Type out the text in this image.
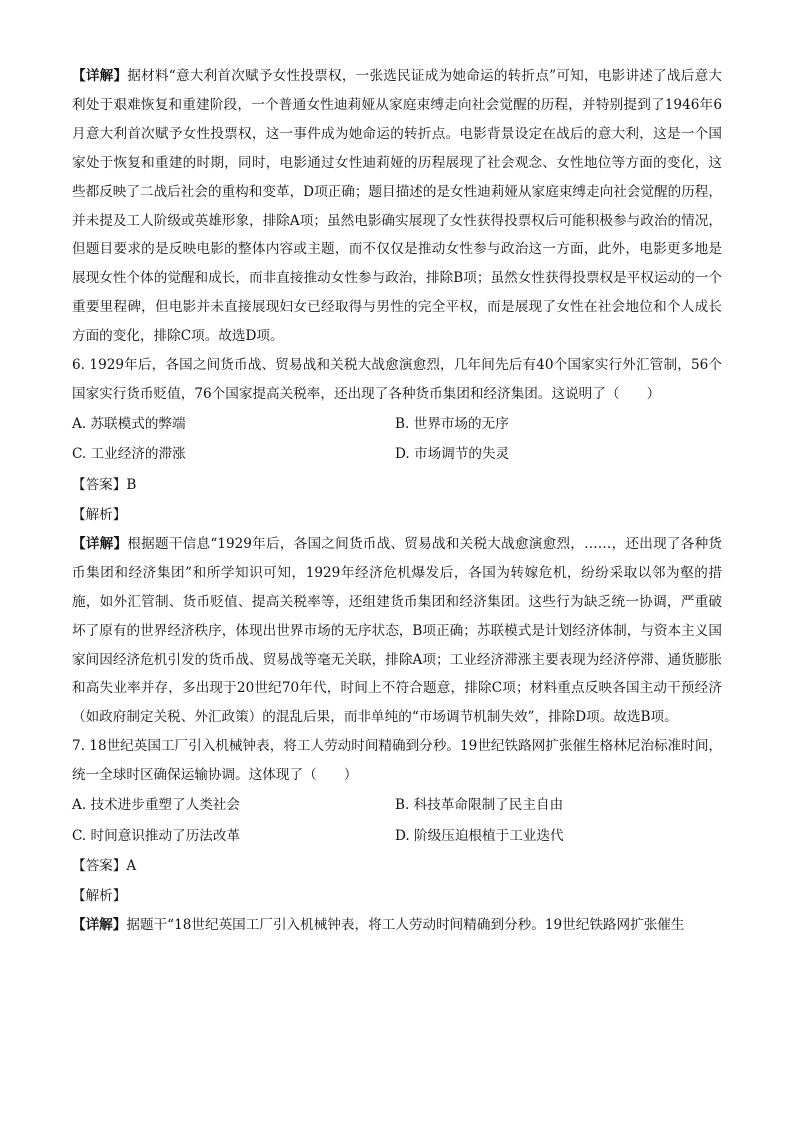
【详解】据材料“意大利首次赋予女性投票权，一张选民证成为她命运的转折点”可知，电影讲述了战后意大利处于艰难恢复和重建阶段，一个普通女性迪莉娅从家庭束缚走向社会觉醒的历程，并特别提到了1946年6月意大利首次赋予女性投票权，这一事件成为她命运的转折点。电影背景设定在战后的意大利，这是一个国家处于恢复和重建的时期，同时，电影通过女性迪莉娅的历程展现了社会观念、女性地位等方面的变化，这些都反映了二战后社会的重构和变革，D项正确；题目描述的是女性迪莉娅从家庭束缚走向社会觉醒的历程，并未提及工人阶级或英雄形象，排除A项；虽然电影确实展现了女性获得投票权后可能积极参与政治的情况，但题目要求的是反映电影的整体内容或主题，而不仅仅是推动女性参与政治这一方面，此外，电影更多地是展现女性个体的觉醒和成长，而非直接推动女性参与政治，排除B项；虽然女性获得投票权是平权运动的一个重要里程碑，但电影并未直接展现妇女已经取得与男性的完全平权，而是展现了女性在社会地位和个人成长方面的变化，排除C项。故选D项。

6. 1929年后，各国之间货币战、贸易战和关税大战愈演愈烈，几年间先后有40个国家实行外汇管制，56个国家实行货币贬值，76个国家提高关税率，还出现了各种货币集团和经济集团。这说明了（　　）

A. 苏联模式的弊端	B. 世界市场的无序
C. 工业经济的滞涨	D. 市场调节的失灵

【答案】B

【解析】

【详解】根据题干信息“1929年后，各国之间货币战、贸易战和关税大战愈演愈烈，……，还出现了各种货币集团和经济集团”和所学知识可知，1929年经济危机爆发后，各国为转嫁危机，纷纷采取以邻为壑的措施，如外汇管制、货币贬值、提高关税率等，还组建货币集团和经济集团。这些行为缺乏统一协调，严重破坏了原有的世界经济秩序，体现出世界市场的无序状态，B项正确；苏联模式是计划经济体制，与资本主义国家间因经济危机引发的货币战、贸易战等毫无关联，排除A项；工业经济滞涨主要表现为经济停滞、通货膨胀和高失业率并存，多出现于20世纪70年代，时间上不符合题意，排除C项；材料重点反映各国主动干预经济（如政府制定关税、外汇政策）的混乱后果，而非单纯的“市场调节机制失效”，排除D项。故选B项。

7. 18世纪英国工厂引入机械钟表，将工人劳动时间精确到分秒。19世纪铁路网扩张催生格林尼治标准时间，统一全球时区确保运输协调。这体现了（　　）

A. 技术进步重塑了人类社会	B. 科技革命限制了民主自由
C. 时间意识推动了历法改革	D. 阶级压迫根植于工业迭代

【答案】A

【解析】

【详解】据题干“18世纪英国工厂引入机械钟表，将工人劳动时间精确到分秒。19世纪铁路网扩张催生
